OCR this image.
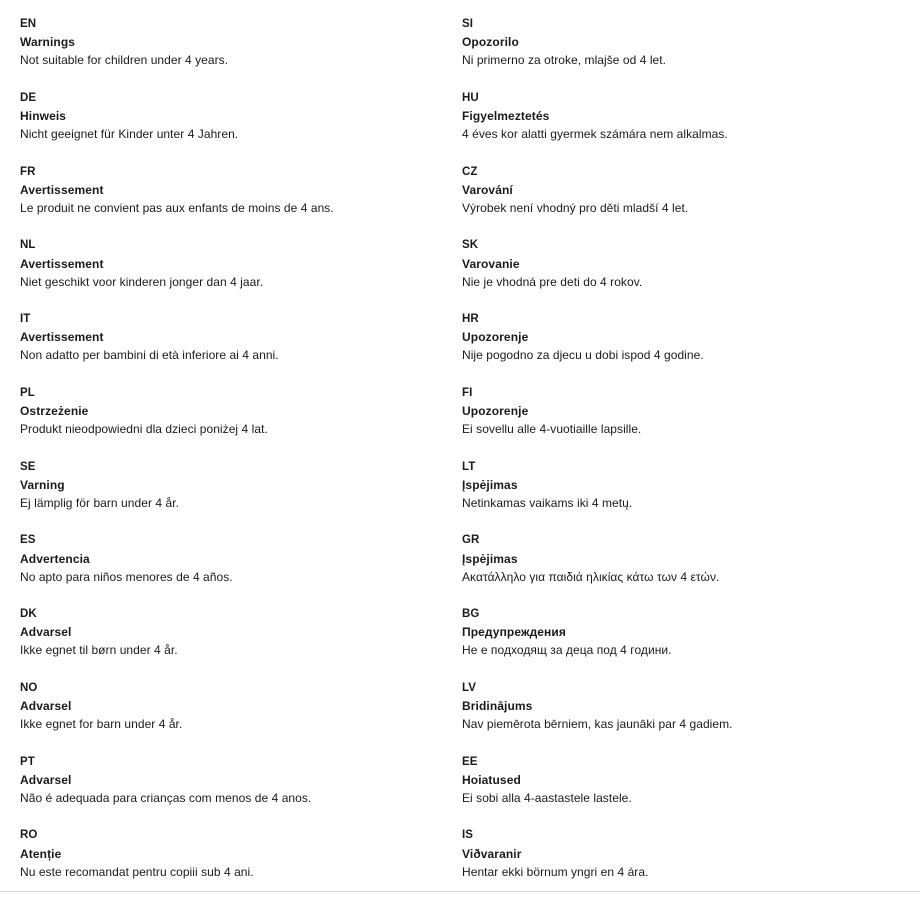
EN
Warnings
Not suitable for children under 4 years.
DE
Hinweis
Nicht geeignet für Kinder unter 4 Jahren.
FR
Avertissement
Le produit ne convient pas aux enfants de moins de 4 ans.
NL
Avertissement
Niet geschikt voor kinderen jonger dan 4 jaar.
IT
Avertissement
Non adatto per bambini di età inferiore ai 4 anni.
PL
Ostrzeżenie
Produkt nieodpowiedni dla dzieci poniżej 4 lat.
SE
Varning
Ej lämplig för barn under 4 år.
ES
Advertencia
No apto para niños menores de 4 años.
DK
Advarsel
Ikke egnet til børn under 4 år.
NO
Advarsel
Ikke egnet for barn under 4 år.
PT
Advarsel
Não é adequada para crianças com menos de 4 anos.
RO
Atenție
Nu este recomandat pentru copiii sub 4 ani.
SI
Opozorilo
Ni primerno za otroke, mlajše od 4 let.
HU
Figyelmeztetés
4 éves kor alatti gyermek számára nem alkalmas.
CZ
Varování
Výrobek není vhodný pro děti mladší 4 let.
SK
Varovanie
Nie je vhodná pre deti do 4 rokov.
HR
Upozorenje
Nije pogodno za djecu u dobi ispod 4 godine.
FI
Upozorenje
Ei sovellu alle 4-vuotiaille lapsille.
LT
Įspėjimas
Netinkamas vaikams iki 4 metų.
GR
Įspėjimas
Ακατάλληλο για παιδιά ηλικίας κάτω των 4 ετών.
BG
Предупреждения
Не е подходящ за деца под 4 години.
LV
Bridinājums
Nav piemērota bērniem, kas jaunāki par 4 gadiem.
EE
Hoiatused
Ei sobi alla 4-aastastele lastele.
IS
Viðvaranir
Hentar ekki börnum yngri en 4 ára.
